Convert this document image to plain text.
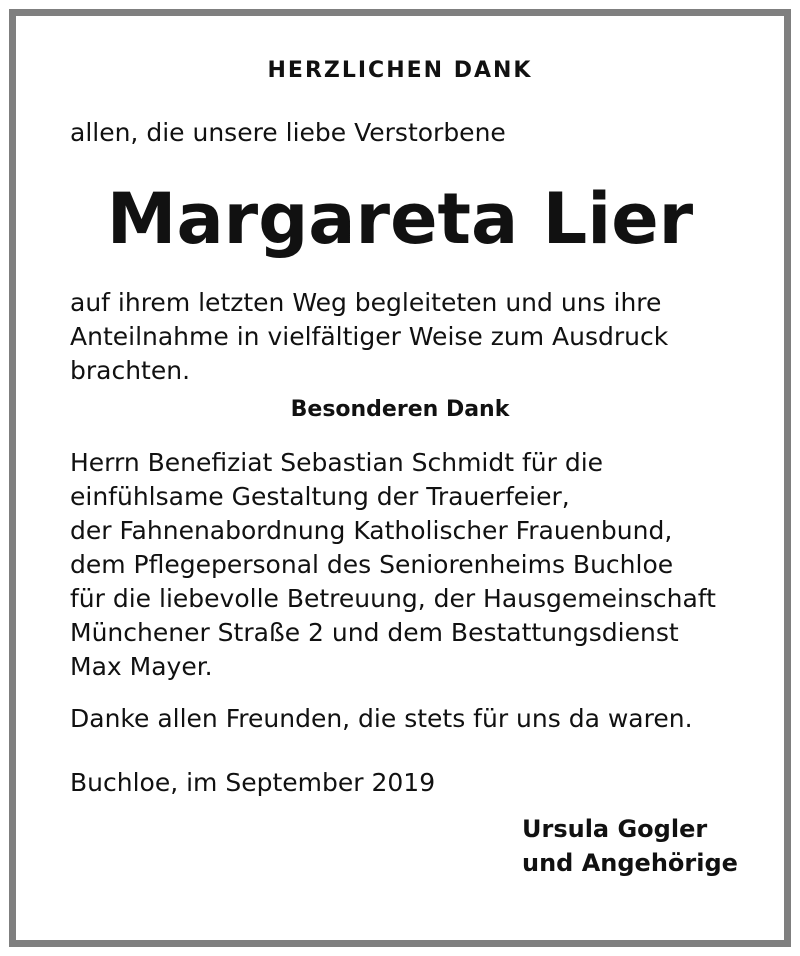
HERZLICHEN DANK
allen, die unsere liebe Verstorbene
Margareta Lier
auf ihrem letzten Weg begleiteten und uns ihre
Anteilnahme in vielfältiger Weise zum Ausdruck
brachten.
Besonderen Dank
Herrn Benefiziat Sebastian Schmidt für die
einfühlsame Gestaltung der Trauerfeier,
der Fahnenabordnung Katholischer Frauenbund,
dem Pflegepersonal des Seniorenheims Buchloe
für die liebevolle Betreuung, der Hausgemeinschaft
Münchener Straße 2 und dem Bestattungsdienst
Max Mayer.
Danke allen Freunden, die stets für uns da waren.
Buchloe, im September 2019
Ursula Gogler
und Angehörige
